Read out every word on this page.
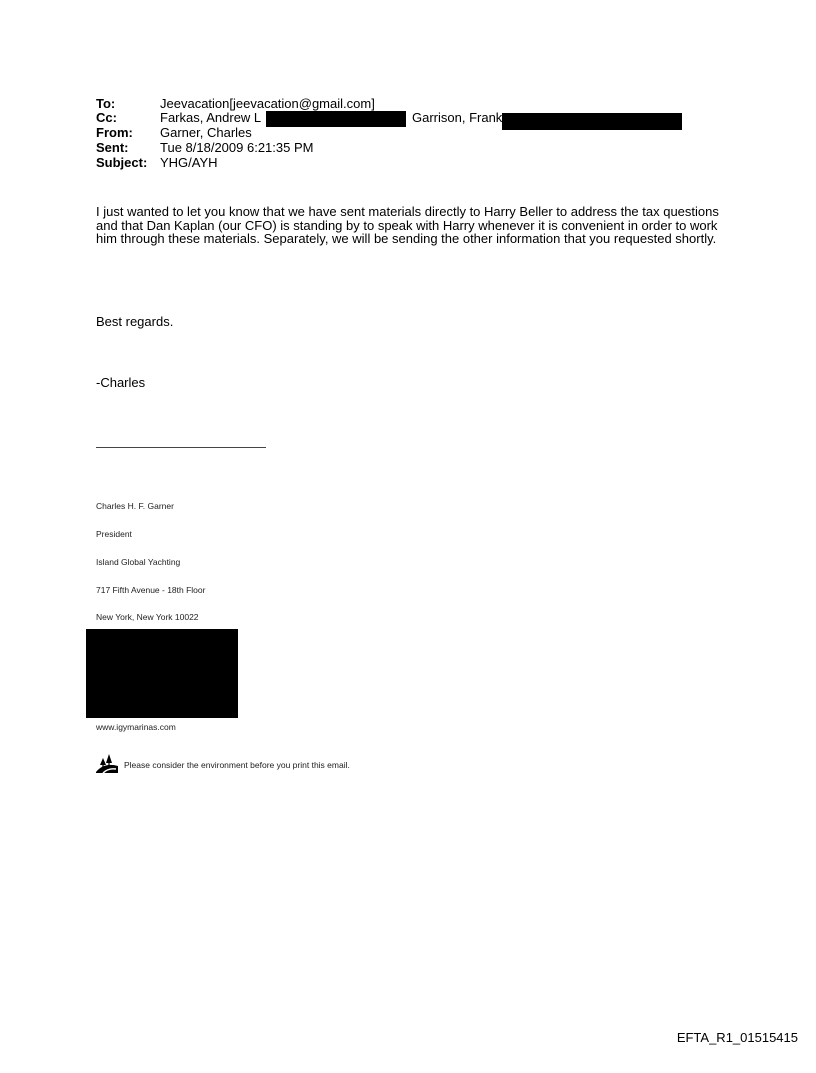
To:	Jeevacation[jeevacation@gmail.com]
Cc:	Farkas, Andrew L	Garrison, Frank
From: Garner, Charles
Sent: Tue 8/18/2009 6:21:35 PM
Subject: YHG/AYH
I just wanted to let you know that we have sent materials directly to Harry Beller to address the tax questions and that Dan Kaplan (our CFO) is standing by to speak with Harry whenever it is convenient in order to work him through these materials. Separately, we will be sending the other information that you requested shortly.
Best regards.
-Charles
Charles H. F. Garner
President
Island Global Yachting
717 Fifth Avenue - 18th Floor
New York, New York 10022
www.igymarinas.com
Please consider the environment before you print this email.
EFTA_R1_01515415
